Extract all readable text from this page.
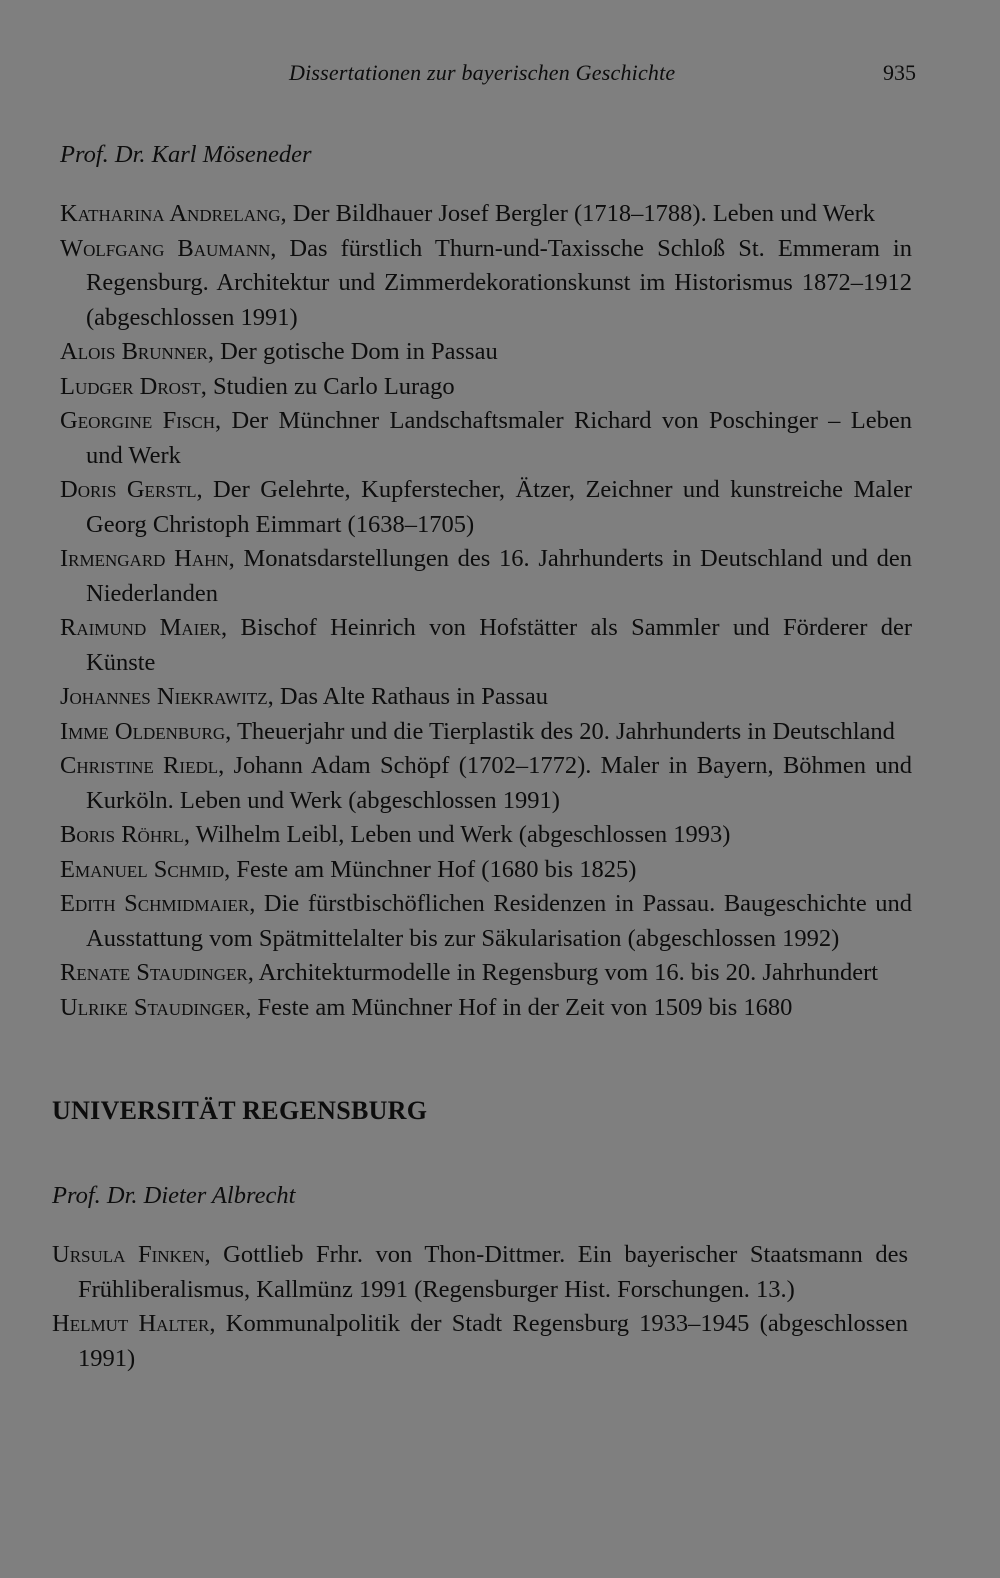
Dissertationen zur bayerischen Geschichte	935

Prof. Dr. Karl Möseneder

Katharina Andrelang, Der Bildhauer Josef Bergler (1718–1788). Leben und Werk
Wolfgang Baumann, Das fürstlich Thurn-und-Taxissche Schloß St. Emmeram in Regensburg. Architektur und Zimmerdekorationskunst im Historismus 1872–1912 (abgeschlossen 1991)
Alois Brunner, Der gotische Dom in Passau
Ludger Drost, Studien zu Carlo Lurago
Georgine Fisch, Der Münchner Landschaftsmaler Richard von Poschinger – Leben und Werk
Doris Gerstl, Der Gelehrte, Kupferstecher, Ätzer, Zeichner und kunstreiche Maler Georg Christoph Eimmart (1638–1705)
Irmengard Hahn, Monatsdarstellungen des 16. Jahrhunderts in Deutschland und den Niederlanden
Raimund Maier, Bischof Heinrich von Hofstätter als Sammler und Förderer der Künste
Johannes Niekrawitz, Das Alte Rathaus in Passau
Imme Oldenburg, Theuerjahr und die Tierplastik des 20. Jahrhunderts in Deutschland
Christine Riedl, Johann Adam Schöpf (1702–1772). Maler in Bayern, Böhmen und Kurköln. Leben und Werk (abgeschlossen 1991)
Boris Röhrl, Wilhelm Leibl, Leben und Werk (abgeschlossen 1993)
Emanuel Schmid, Feste am Münchner Hof (1680 bis 1825)
Edith Schmidmaier, Die fürstbischöflichen Residenzen in Passau. Baugeschichte und Ausstattung vom Spätmittelalter bis zur Säkularisation (abgeschlossen 1992)
Renate Staudinger, Architekturmodelle in Regensburg vom 16. bis 20. Jahrhundert
Ulrike Staudinger, Feste am Münchner Hof in der Zeit von 1509 bis 1680
UNIVERSITÄT REGENSBURG

Prof. Dr. Dieter Albrecht

Ursula Finken, Gottlieb Frhr. von Thon-Dittmer. Ein bayerischer Staatsmann des Frühliberalismus, Kallmünz 1991 (Regensburger Hist. Forschungen. 13.)
Helmut Halter, Kommunalpolitik der Stadt Regensburg 1933–1945 (abgeschlossen 1991)
